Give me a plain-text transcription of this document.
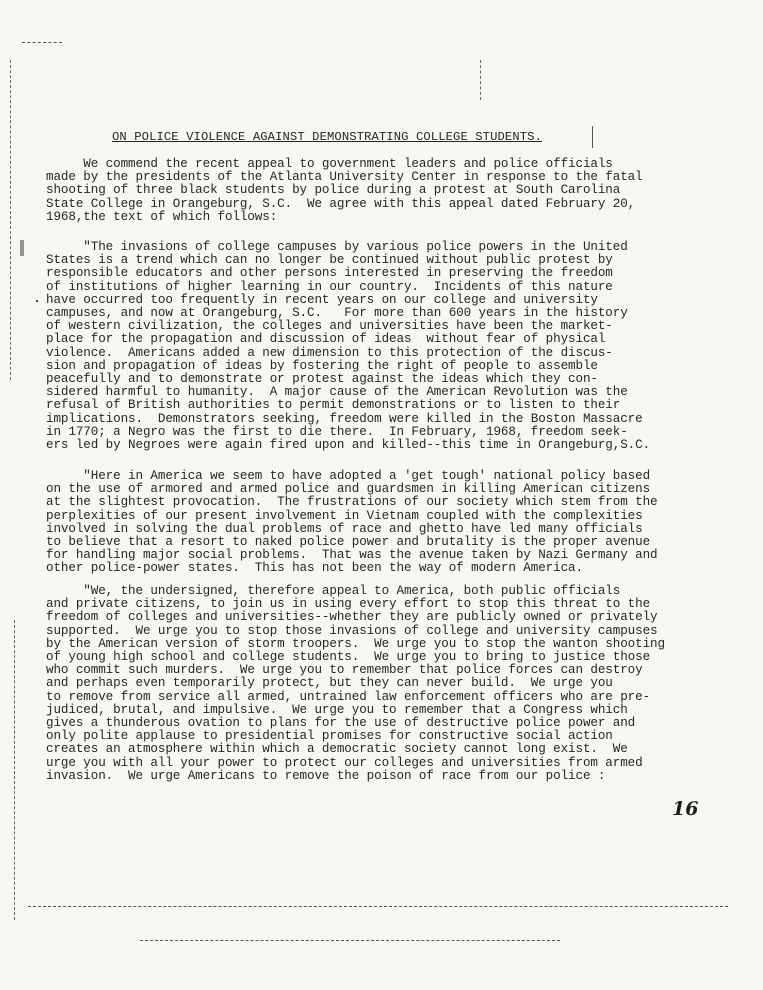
ON POLICE VIOLENCE AGAINST DEMONSTRATING COLLEGE STUDENTS.
We commend the recent appeal to government leaders and police officials
made by the presidents of the Atlanta University Center in response to the fatal
shooting of three black students by police during a protest at South Carolina
State College in Orangeburg, S.C.  We agree with this appeal dated February 20,
1968,the text of which follows:
"The invasions of college campuses by various police powers in the United
States is a trend which can no longer be continued without public protest by
responsible educators and other persons interested in preserving the freedom
of institutions of higher learning in our country.  Incidents of this nature
have occurred too frequently in recent years on our college and university
campuses, and now at Orangeburg, S.C.   For more than 600 years in the history
of western civilization, the colleges and universities have been the market-
place for the propagation and discussion of ideas  without fear of physical
violence.  Americans added a new dimension to this protection of the discus-
sion and propagation of ideas by fostering the right of people to assemble
peacefully and to demonstrate or protest against the ideas which they con-
sidered harmful to humanity.  A major cause of the American Revolution was the
refusal of British authorities to permit demonstrations or to listen to their
implications.  Demonstrators seeking, freedom were killed in the Boston Massacre
in 1770; a Negro was the first to die there.  In February, 1968, freedom seek-
ers led by Negroes were again fired upon and killed--this time in Orangeburg,S.C.
"Here in America we seem to have adopted a 'get tough' national policy based
on the use of armored and armed police and guardsmen in killing American citizens
at the slightest provocation.  The frustrations of our society which stem from the
perplexities of our present involvement in Vietnam coupled with the complexities
involved in solving the dual problems of race and ghetto have led many officials
to believe that a resort to naked police power and brutality is the proper avenue
for handling major social problems.  That was the avenue taken by Nazi Germany and
other police-power states.  This has not been the way of modern America.
"We, the undersigned, therefore appeal to America, both public officials
and private citizens, to join us in using every effort to stop this threat to the
freedom of colleges and universities--whether they are publicly owned or privately
supported.  We urge you to stop those invasions of college and university campuses
by the American version of storm troopers.  We urge you to stop the wanton shooting
of young high school and college students.  We urge you to bring to justice those
who commit such murders.  We urge you to remember that police forces can destroy
and perhaps even temporarily protect, but they can never build.  We urge you
to remove from service all armed, untrained law enforcement officers who are pre-
judiced, brutal, and impulsive.  We urge you to remember that a Congress which
gives a thunderous ovation to plans for the use of destructive police power and
only polite applause to presidential promises for constructive social action
creates an atmosphere within which a democratic society cannot long exist.  We
urge you with all your power to protect our colleges and universities from armed
invasion.  We urge Americans to remove the poison of race from our police :
16
